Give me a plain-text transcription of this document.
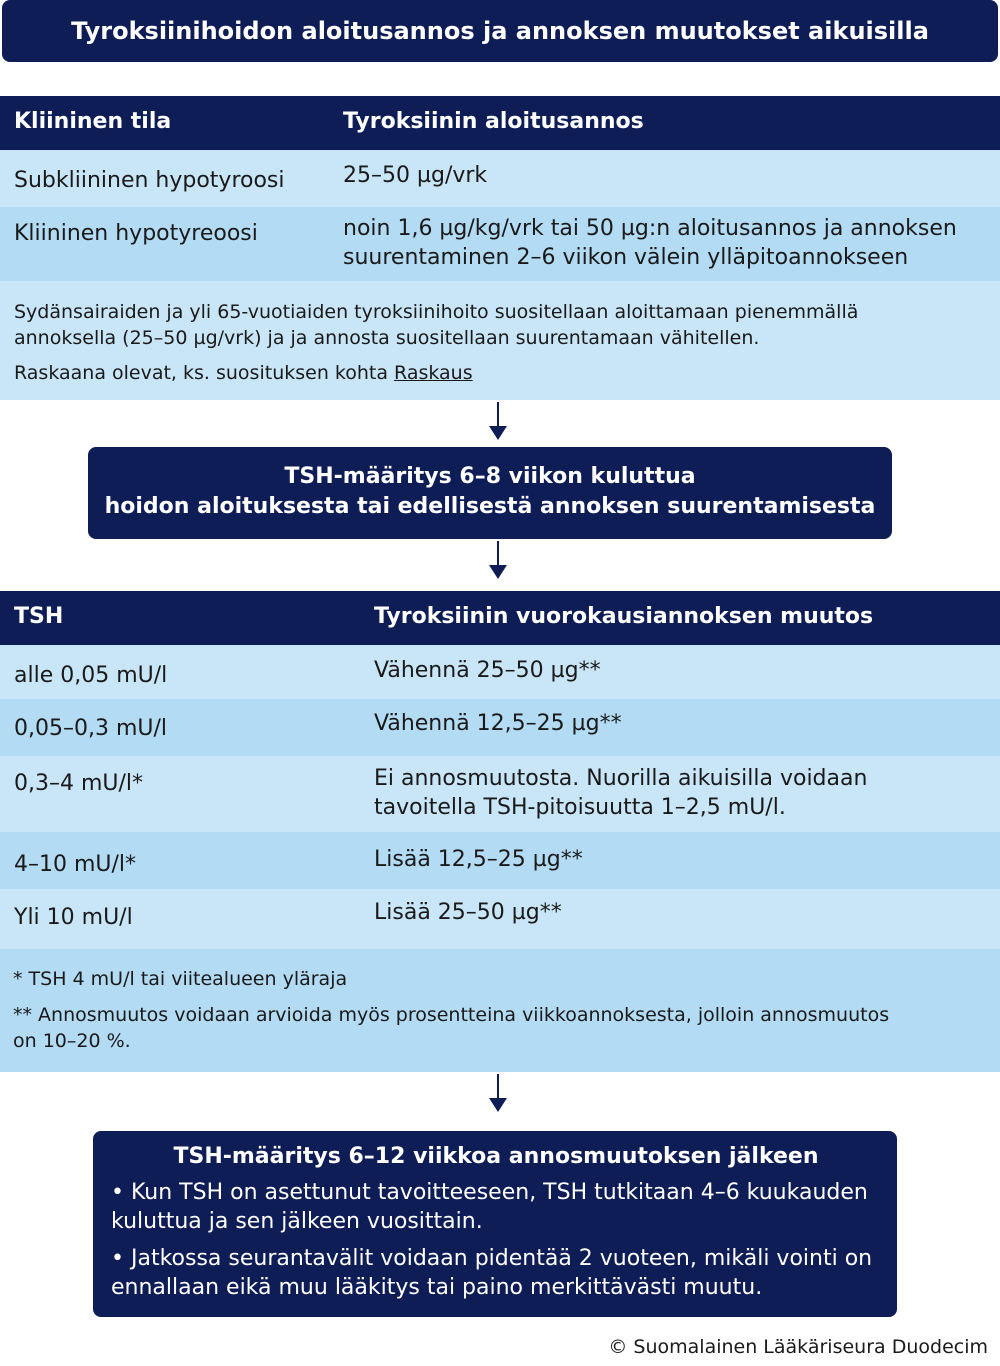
Tyroksiinihoidon aloitusannos ja annoksen muutokset aikuisilla
Kliininen tila	Tyroksiinin aloitusannos
Subkliininen hypotyroosi	25–50 µg/vrk
Kliininen hypotyreoosi	noin 1,6 µg/kg/vrk tai 50 µg:n aloitusannos ja annoksen
suurentaminen 2–6 viikon välein ylläpitoannokseen
Sydänsairaiden ja yli 65-vuotiaiden tyroksiinihoito suositellaan aloittamaan pienemmällä
annoksella (25–50 µg/vrk) ja ja annosta suositellaan suurentamaan vähitellen.
Raskaana olevat, ks. suosituksen kohta Raskaus
TSH-määritys 6–8 viikon kuluttua
hoidon aloituksesta tai edellisestä annoksen suurentamisesta
TSH	Tyroksiinin vuorokausiannoksen muutos
alle 0,05 mU/l	Vähennä 25–50 µg**
0,05–0,3 mU/l	Vähennä 12,5–25 µg**
0,3–4 mU/l*	Ei annosmuutosta. Nuorilla aikuisilla voidaan
tavoitella TSH-pitoisuutta 1–2,5 mU/l.
4–10 mU/l*	Lisää 12,5–25 µg**
Yli 10 mU/l	Lisää 25–50 µg**
* TSH 4 mU/l tai viitealueen yläraja
** Annosmuutos voidaan arvioida myös prosentteina viikkoannoksesta, jolloin annosmuutos
on 10–20 %.
TSH-määritys 6–12 viikkoa annosmuutoksen jälkeen
• Kun TSH on asettunut tavoitteeseen, TSH tutkitaan 4–6 kuukauden
kuluttua ja sen jälkeen vuosittain.
• Jatkossa seurantavälit voidaan pidentää 2 vuoteen, mikäli vointi on
ennallaan eikä muu lääkitys tai paino merkittävästi muutu.
© Suomalainen Lääkäriseura Duodecim
